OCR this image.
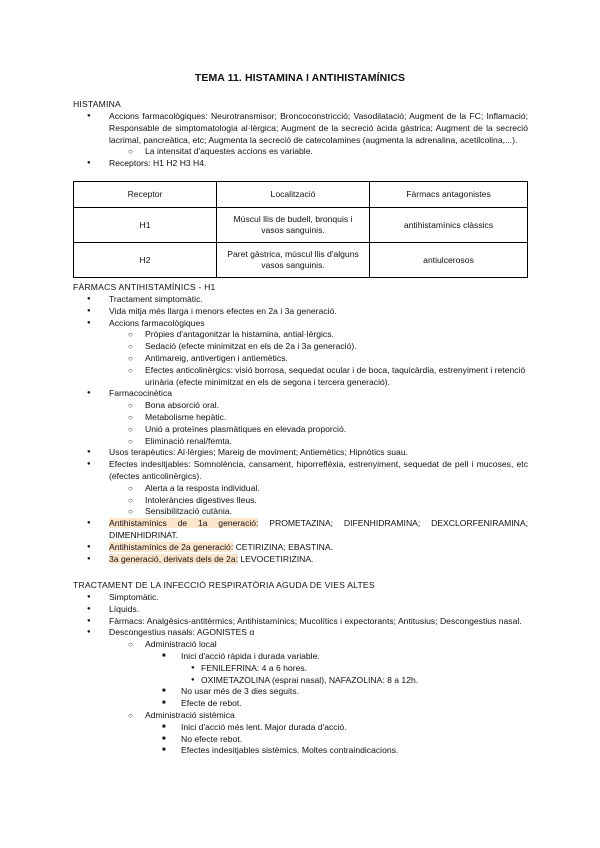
TEMA 11. HISTAMINA I ANTIHISTAMÍNICS
HISTAMINA
● Accions farmacològiques: Neurotransmisor; Broncoconstricció; Vasodilatació; Augment de la FC; Inflamació; Responsable de simptomatologia al·lèrgica; Augment de la secreció àcida gàstrica; Augment de la secreció lacrimal, pancreàtica, etc; Augmenta la secreció de catecolamines (augmenta la adrenalina, acetilcolina,...).
○ La intensitat d'aquestes accions es variable.
● Receptors: H1 H2 H3 H4.
Receptor	Localització	Fàrmacs antagonistes
H1	Múscul llis de budell, bronquis i vasos sanguinis.	antihistamínics clàssics
H2	Paret gàstrica, múscul llis d'alguns vasos sanguinis.	antiulcerosos
FÀRMACS ANTIHISTAMÍNICS - H1
● Tractament simptomàtic.
● Vida mitja més llarga i menors efectes en 2a i 3a generació.
● Accions farmacològiques
○ Pròpies d'antagonitzar la histamina, antial·lèrgics.
○ Sedació (efecte minimitzat en els de 2a i 3a generació).
○ Antimareig, antivertigen i antiemètics.
○ Efectes anticolinèrgics: visió borrosa, sequedat ocular i de boca, taquicàrdia, estrenyiment i retenció urinària (efecte minimitzat en els de segona i tercera generació).
● Farmacocinètica
○ Bona absorció oral.
○ Metabolisme hepàtic.
○ Unió a proteïnes plasmàtiques en elevada proporció.
○ Eliminació renal/femta.
● Usos terapèutics: Al·lèrgies; Mareig de moviment; Antiemètics; Hipnòtics suau.
● Efectes indesitjables: Somnolència, cansament, hiporreflèxia, estrenyiment, sequedat de pell i mucoses, etc (efectes anticolinèrgics).
○ Alerta a la resposta individual.
○ Intoleràncies digestives lleus.
○ Sensibilització cutània.
● Antihistamínics de 1a generació: PROMETAZINA; DIFENHIDRAMINA; DEXCLORFENIRAMINA; DIMENHIDRINAT.
● Antihistamínics de 2a generació: CETIRIZINA; EBASTINA.
● 3a generació, derivats dels de 2a: LEVOCETIRIZINA.
TRACTAMENT DE LA INFECCIÓ RESPIRATÒRIA AGUDA DE VIES ALTES
● Simptomàtic.
● Líquids.
● Fàrmacs: Analgèsics-antitèrmics; Antihistamínics; Mucolítics i expectorants; Antitusius; Descongestius nasal.
● Descongestius nasals: AGONISTES α
○ Administració local
■ Inici d'acció ràpida i durada variable.
● FENILEFRINA: 4 a 6 hores.
● OXIMETAZOLINA (esprai nasal), NAFAZOLINA: 8 a 12h.
■ No usar més de 3 dies seguits.
■ Efecte de rebot.
○ Administració sistèmica
■ Inici d'acció més lent. Major durada d'acció.
■ No efecte rebot.
■ Efectes indesitjables sistèmics. Moltes contraindicacions.
